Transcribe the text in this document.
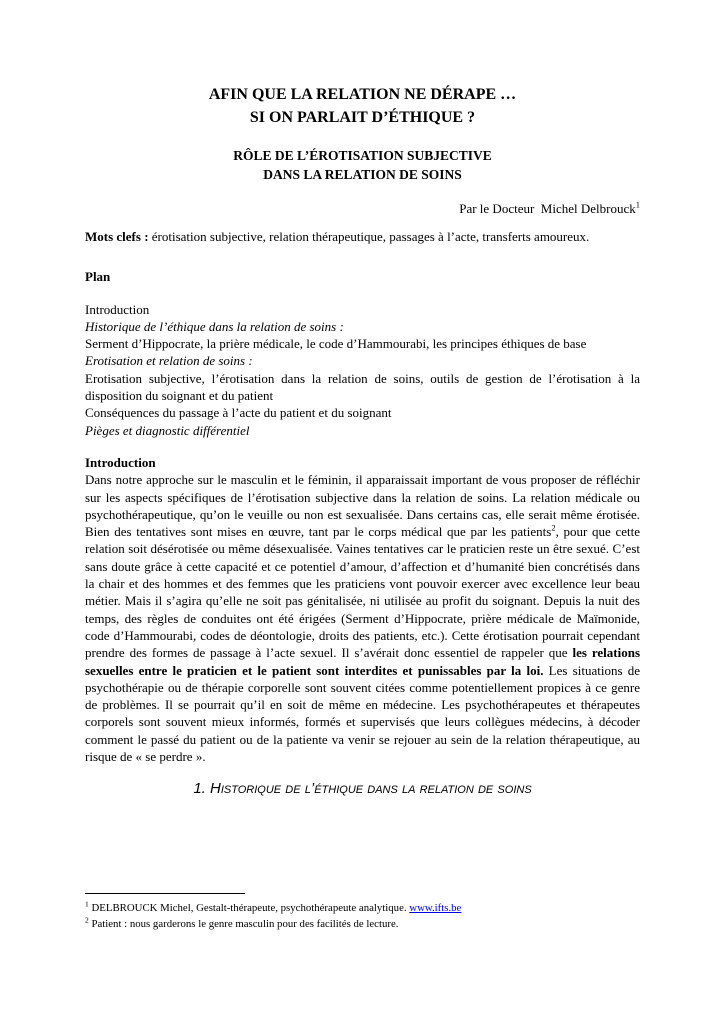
AFIN QUE LA RELATION NE DÉRAPE …
SI ON PARLAIT D’ÉTHIQUE ?
RÔLE DE L’ÉROTISATION SUBJECTIVE
DANS LA RELATION DE SOINS
Par le Docteur  Michel Delbrouck$^1$

Mots clefs : érotisation subjective, relation thérapeutique, passages à l’acte, transferts amoureux.

Plan

Introduction

Historique de l’éthique dans la relation de soins :

Serment d’Hippocrate, la prière médicale, le code d’Hammourabi, les principes éthiques de base

Erotisation et relation de soins :

Erotisation subjective, l’érotisation dans la relation de soins, outils de gestion de l’érotisation à la disposition du soignant et du patient

Conséquences du passage à l’acte du patient et du soignant

Pièges et diagnostic différentiel

Introduction

Dans notre approche sur le masculin et le féminin, il apparaissait important de vous proposer de réfléchir sur les aspects spécifiques de l’érotisation subjective dans la relation de soins. La relation médicale ou psychothérapeutique, qu’on le veuille ou non est sexualisée. Dans certains cas, elle serait même érotisée. Bien des tentatives sont mises en œuvre, tant par le corps médical que par les patients$^2$, pour que cette relation soit désérotisée ou même désexualisée. Vaines tentatives car le praticien reste un être sexué. C’est sans doute grâce à cette capacité et ce potentiel d’amour, d’affection et d’humanité bien concrétisés dans la chair et des hommes et des femmes que les praticiens vont pouvoir exercer avec excellence leur beau métier. Mais il s’agira qu’elle ne soit pas génitalisée, ni utilisée au profit du soignant. Depuis la nuit des temps, des règles de conduites ont été érigées (Serment d’Hippocrate, prière médicale de Maïmonide, code d’Hammourabi, codes de déontologie, droits des patients, etc.). Cette érotisation pourrait cependant prendre des formes de passage à l’acte sexuel. Il s’avérait donc essentiel de rappeler que les relations sexuelles entre le praticien et le patient sont interdites et punissables par la loi. Les situations de psychothérapie ou de thérapie corporelle sont souvent citées comme potentiellement propices à ce genre de problèmes. Il se pourrait qu’il en soit de même en médecine. Les psychothérapeutes et thérapeutes corporels sont souvent mieux informés, formés et supervisés que leurs collègues médecins, à décoder comment le passé du patient ou de la patiente va venir se rejouer au sein de la relation thérapeutique, au risque de « se perdre ».

1. Historique de l’éthique dans la relation de soins

$^1$ DELBROUCK Michel, Gestalt-thérapeute, psychothérapeute analytique. www.ifts.be

$^2$ Patient : nous garderons le genre masculin pour des facilités de lecture.
